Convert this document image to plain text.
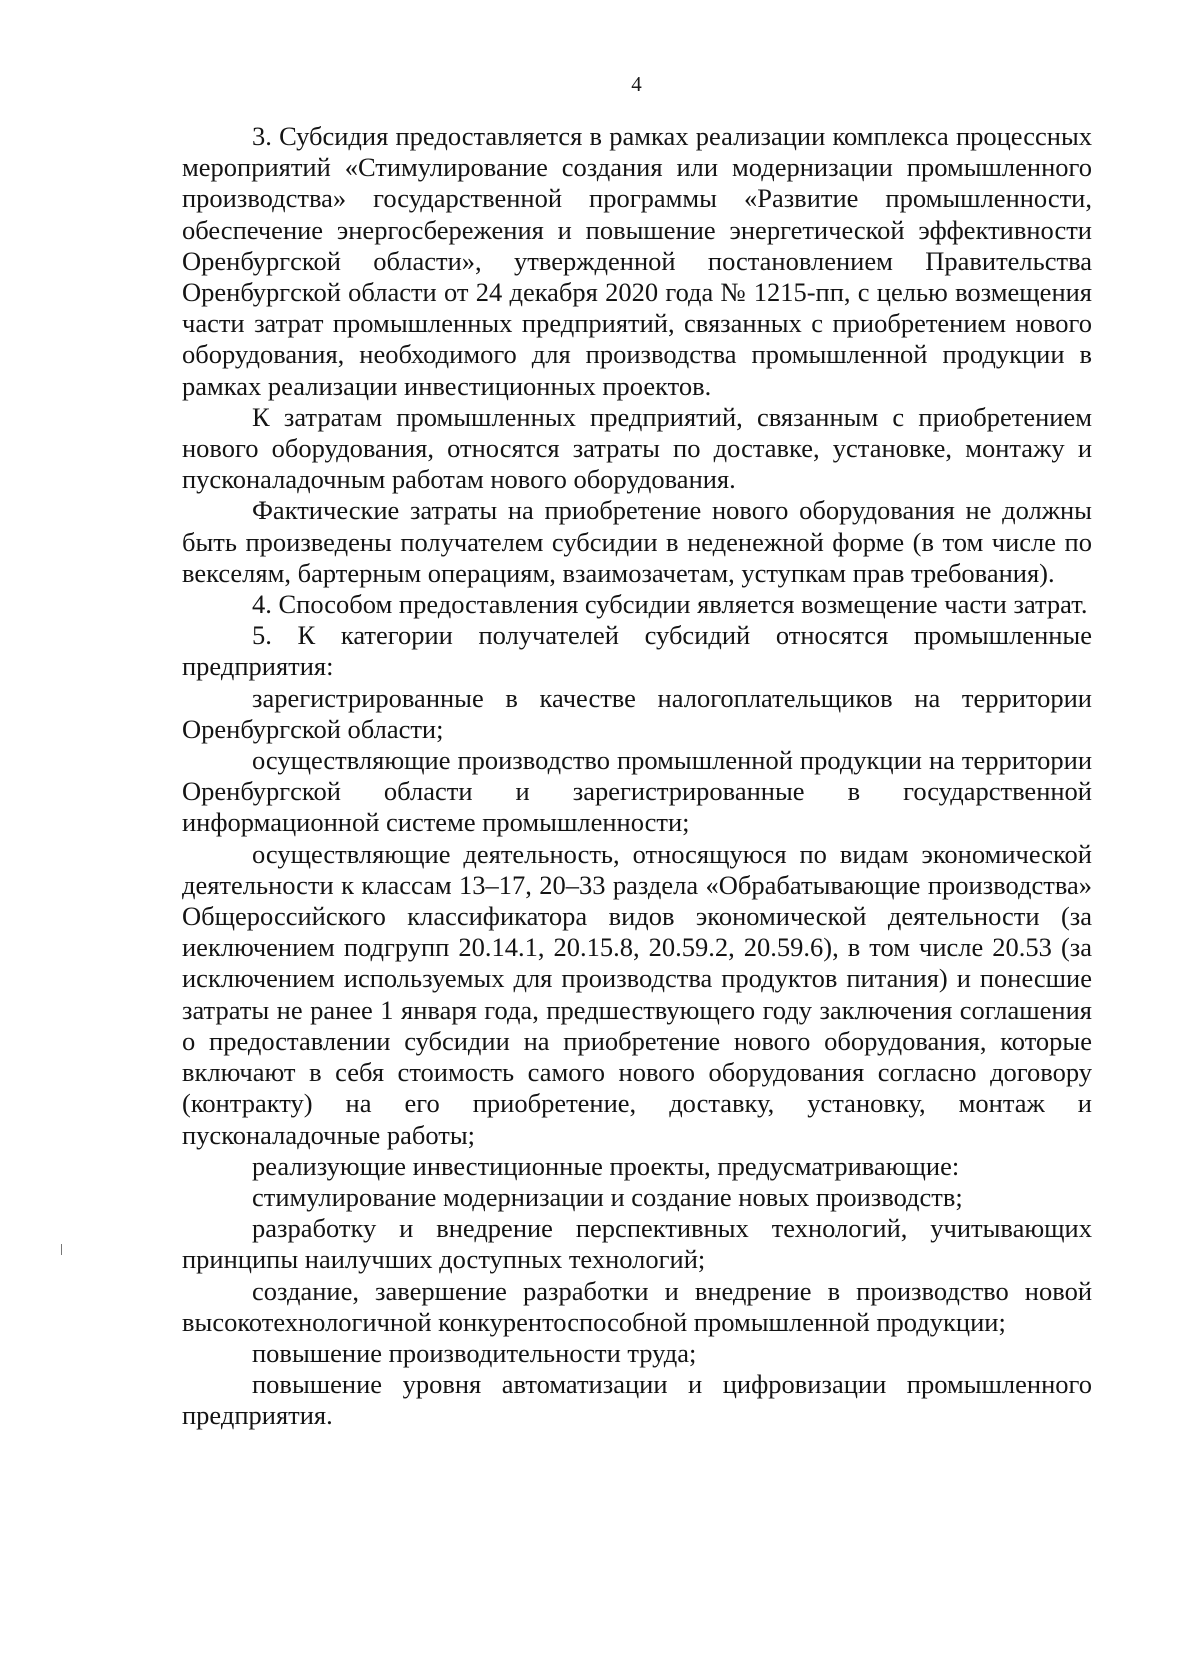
4

3. Субсидия предоставляется в рамках реализации комплекса процессных мероприятий «Стимулирование создания или модернизации промышленного производства» государственной программы «Развитие промышленности, обеспечение энергосбережения и повышение энергетической эффективности Оренбургской области», утвержденной постановлением Правительства Оренбургской области от 24 декабря 2020 года № 1215-пп, с целью возмещения части затрат промышленных предприятий, связанных с приобретением нового оборудования, необходимого для производства промышленной продукции в рамках реализации инвестиционных проектов.

К затратам промышленных предприятий, связанным с приобретением нового оборудования, относятся затраты по доставке, установке, монтажу и пусконаладочным работам нового оборудования.

Фактические затраты на приобретение нового оборудования не должны быть произведены получателем субсидии в неденежной форме (в том числе по векселям, бартерным операциям, взаимозачетам, уступкам прав требования).

4. Способом предоставления субсидии является возмещение части затрат.

5. К категории получателей субсидий относятся промышленные предприятия:

зарегистрированные в качестве налогоплательщиков на территории Оренбургской области;

осуществляющие производство промышленной продукции на территории Оренбургской области и зарегистрированные в государственной информационной системе промышленности;

осуществляющие деятельность, относящуюся по видам экономической деятельности к классам 13–17, 20–33 раздела «Обрабатывающие производства» Общероссийского классификатора видов экономической деятельности (за иеключением подгрупп 20.14.1, 20.15.8, 20.59.2, 20.59.6), в том числе 20.53 (за исключением используемых для производства продуктов питания) и понесшие затраты не ранее 1 января года, предшествующего году заключения соглашения о предоставлении субсидии на приобретение нового оборудования, которые включают в себя стоимость самого нового оборудования согласно договору (контракту) на его приобретение, доставку, установку, монтаж и пусконаладочные работы;

реализующие инвестиционные проекты, предусматривающие:

стимулирование модернизации и создание новых производств;

разработку и внедрение перспективных технологий, учитывающих принципы наилучших доступных технологий;

создание, завершение разработки и внедрение в производство новой высокотехнологичной конкурентоспособной промышленной продукции;

повышение производительности труда;

повышение уровня автоматизации и цифровизации промышленного предприятия.
